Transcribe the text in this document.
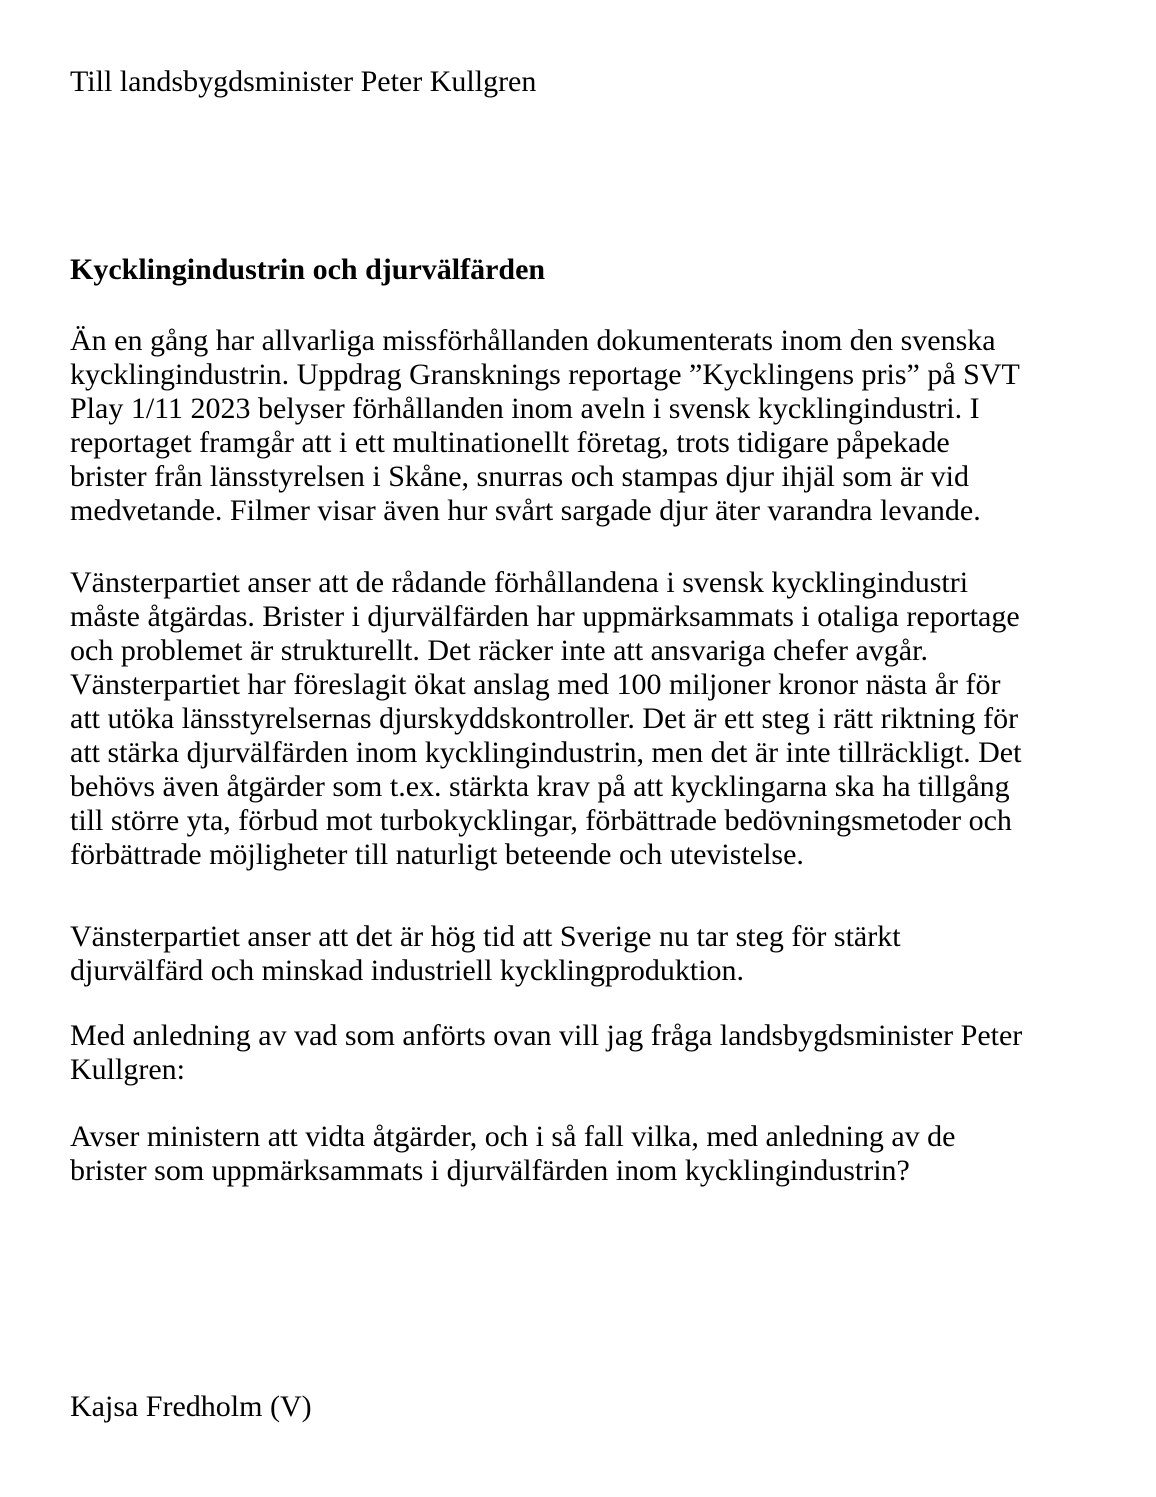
Till landsbygdsminister Peter Kullgren

Kycklingindustrin och djurvälfärden

Än en gång har allvarliga missförhållanden dokumenterats inom den svenska
kycklingindustrin. Uppdrag Gransknings reportage ”Kycklingens pris” på SVT
Play 1/11 2023 belyser förhållanden inom aveln i svensk kycklingindustri. I
reportaget framgår att i ett multinationellt företag, trots tidigare påpekade
brister från länsstyrelsen i Skåne, snurras och stampas djur ihjäl som är vid
medvetande. Filmer visar även hur svårt sargade djur äter varandra levande.

Vänsterpartiet anser att de rådande förhållandena i svensk kycklingindustri
måste åtgärdas. Brister i djurvälfärden har uppmärksammats i otaliga reportage
och problemet är strukturellt. Det räcker inte att ansvariga chefer avgår.
Vänsterpartiet har föreslagit ökat anslag med 100 miljoner kronor nästa år för
att utöka länsstyrelsernas djurskyddskontroller. Det är ett steg i rätt riktning för
att stärka djurvälfärden inom kycklingindustrin, men det är inte tillräckligt. Det
behövs även åtgärder som t.ex. stärkta krav på att kycklingarna ska ha tillgång
till större yta, förbud mot turbokycklingar, förbättrade bedövningsmetoder och
förbättrade möjligheter till naturligt beteende och utevistelse.

Vänsterpartiet anser att det är hög tid att Sverige nu tar steg för stärkt
djurvälfärd och minskad industriell kycklingproduktion.

Med anledning av vad som anförts ovan vill jag fråga landsbygdsminister Peter
Kullgren:

Avser ministern att vidta åtgärder, och i så fall vilka, med anledning av de
brister som uppmärksammats i djurvälfärden inom kycklingindustrin?

Kajsa Fredholm (V)
